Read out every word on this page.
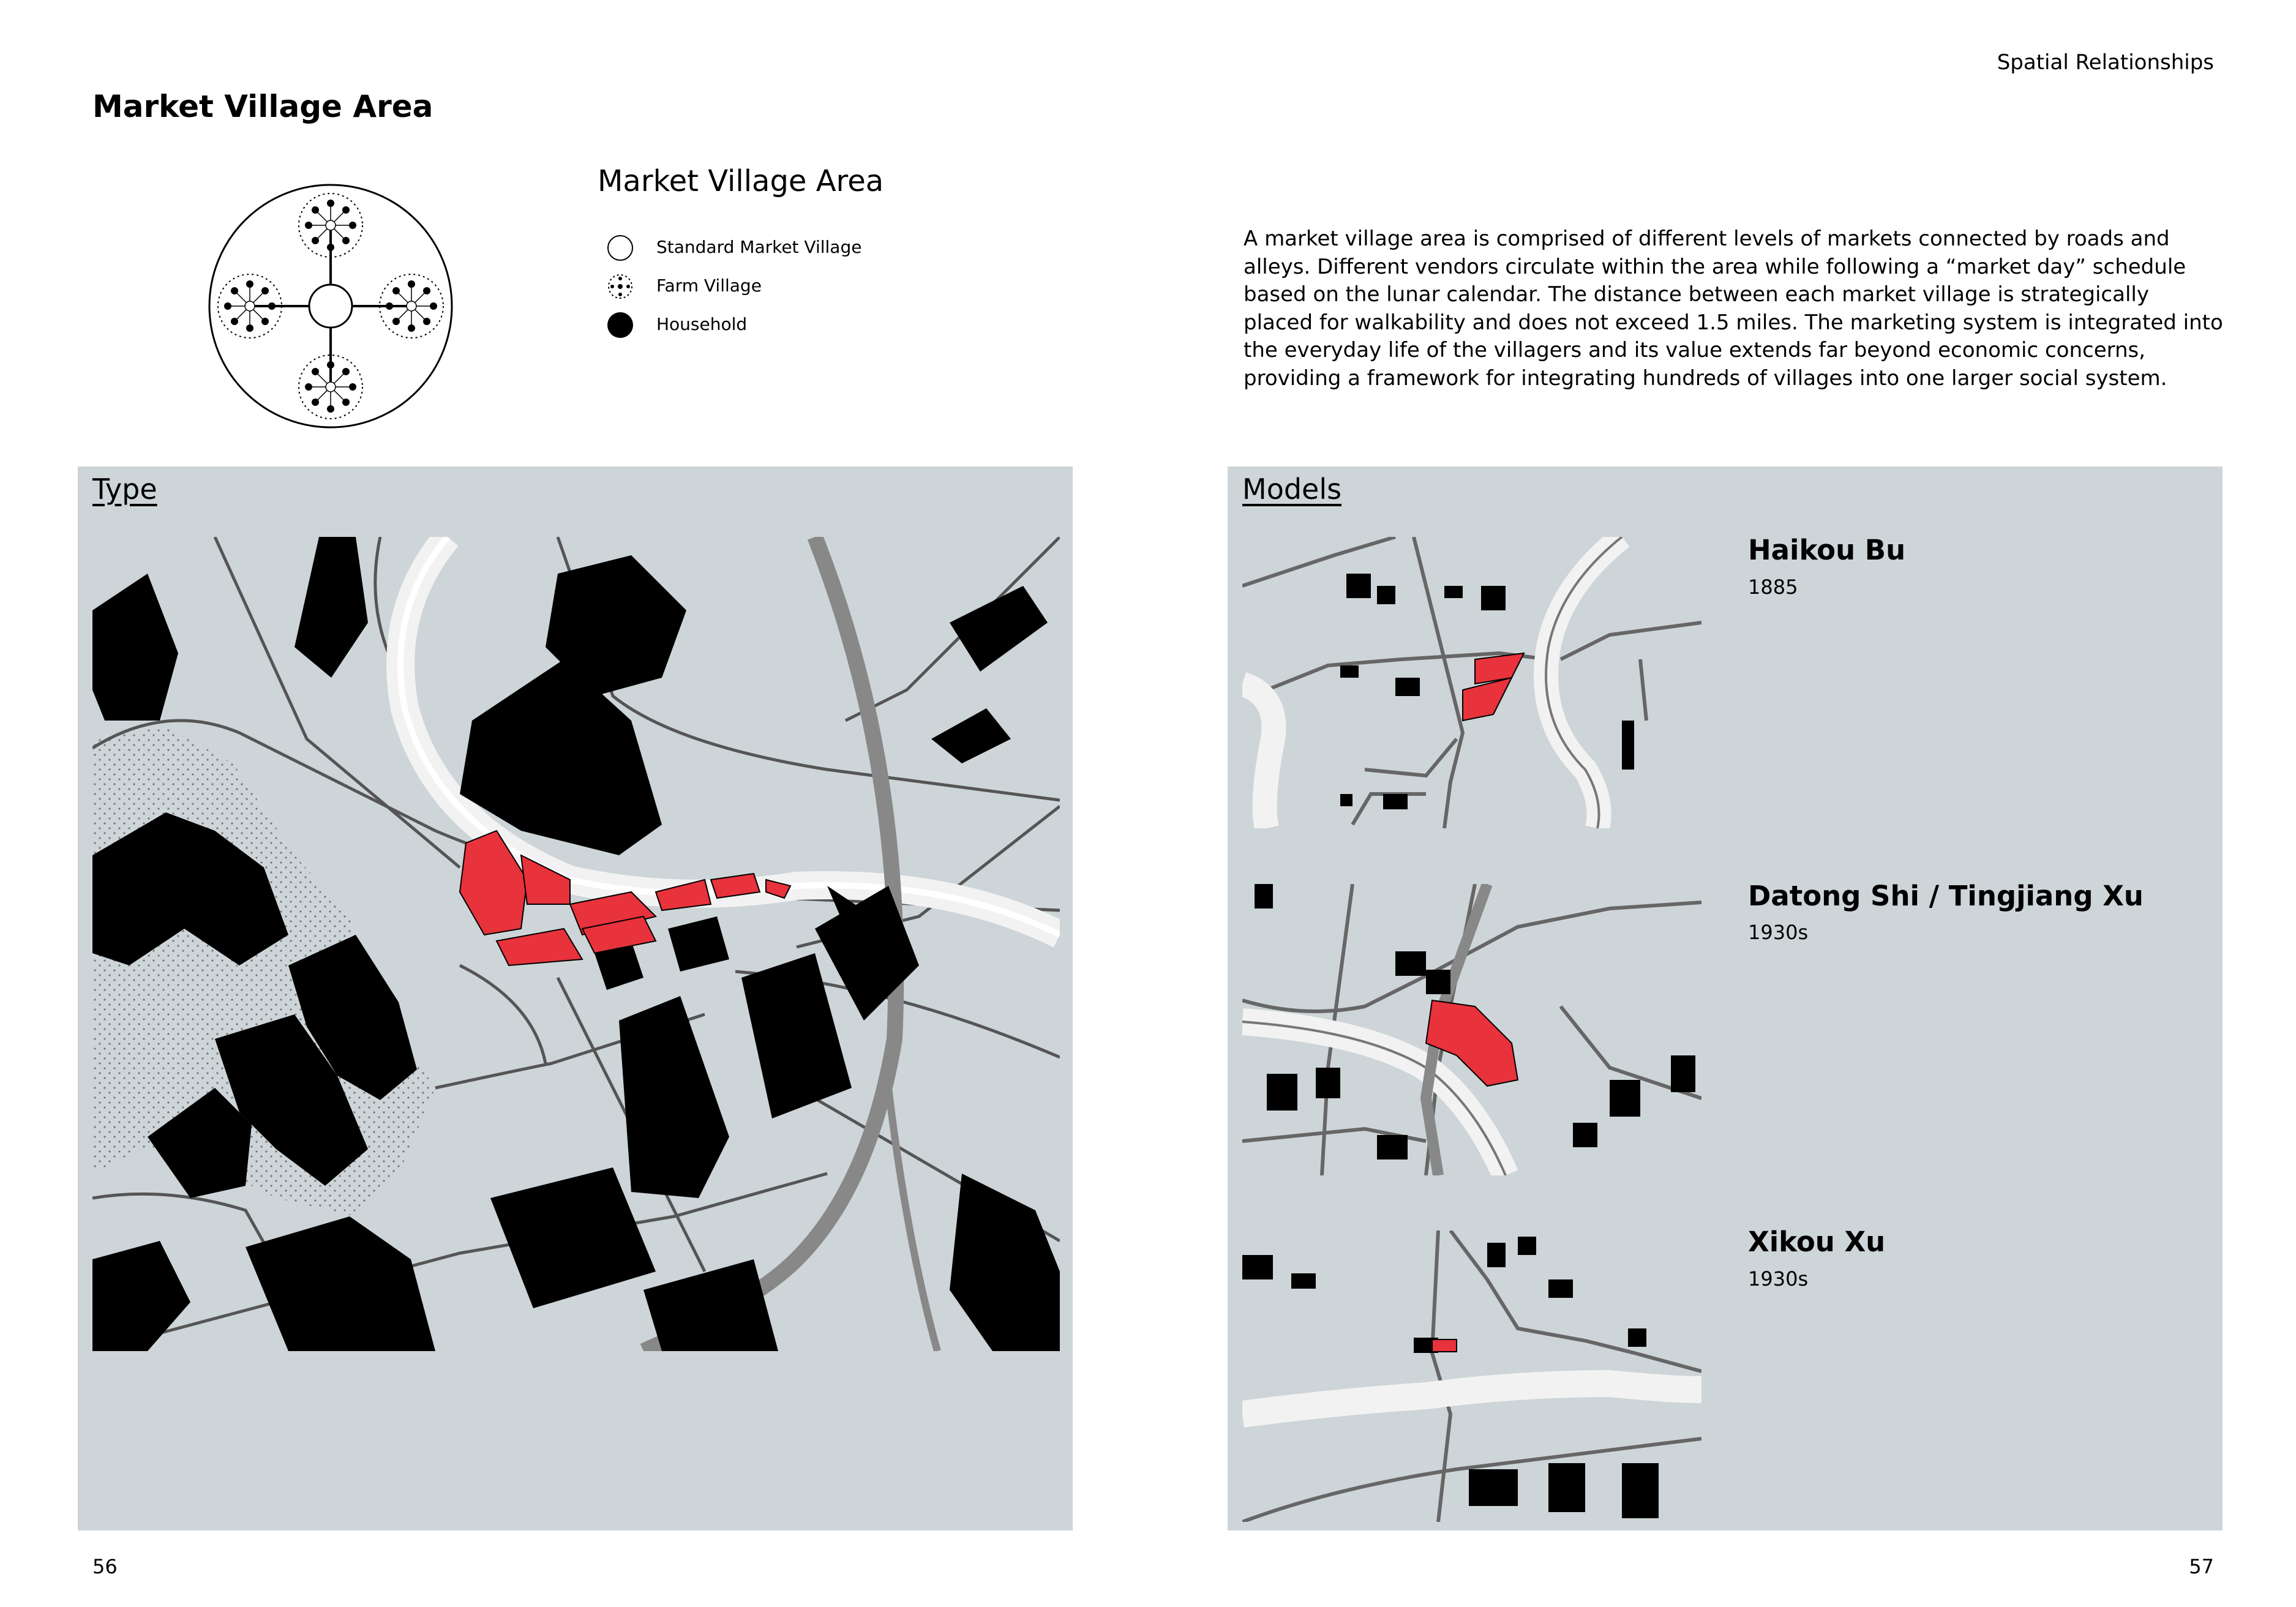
Spatial Relationships
Market Village Area
Market Village Area
Standard Market Village
Farm Village
Household
A market village area is comprised of different levels of markets connected by roads and alleys. Different vendors circulate within the area while following a “market day” schedule based on the lunar calendar. The distance between each market village is strategically placed for walkability and does not exceed 1.5 miles. The marketing system is integrated into the everyday life of the villagers and its value extends far beyond economic concerns, providing a framework for integrating hundreds of villages into one larger social system.
Type	Models
Haikou Bu
1885
Datong Shi / Tingjiang Xu
1930s
Xikou Xu
1930s
56	57
